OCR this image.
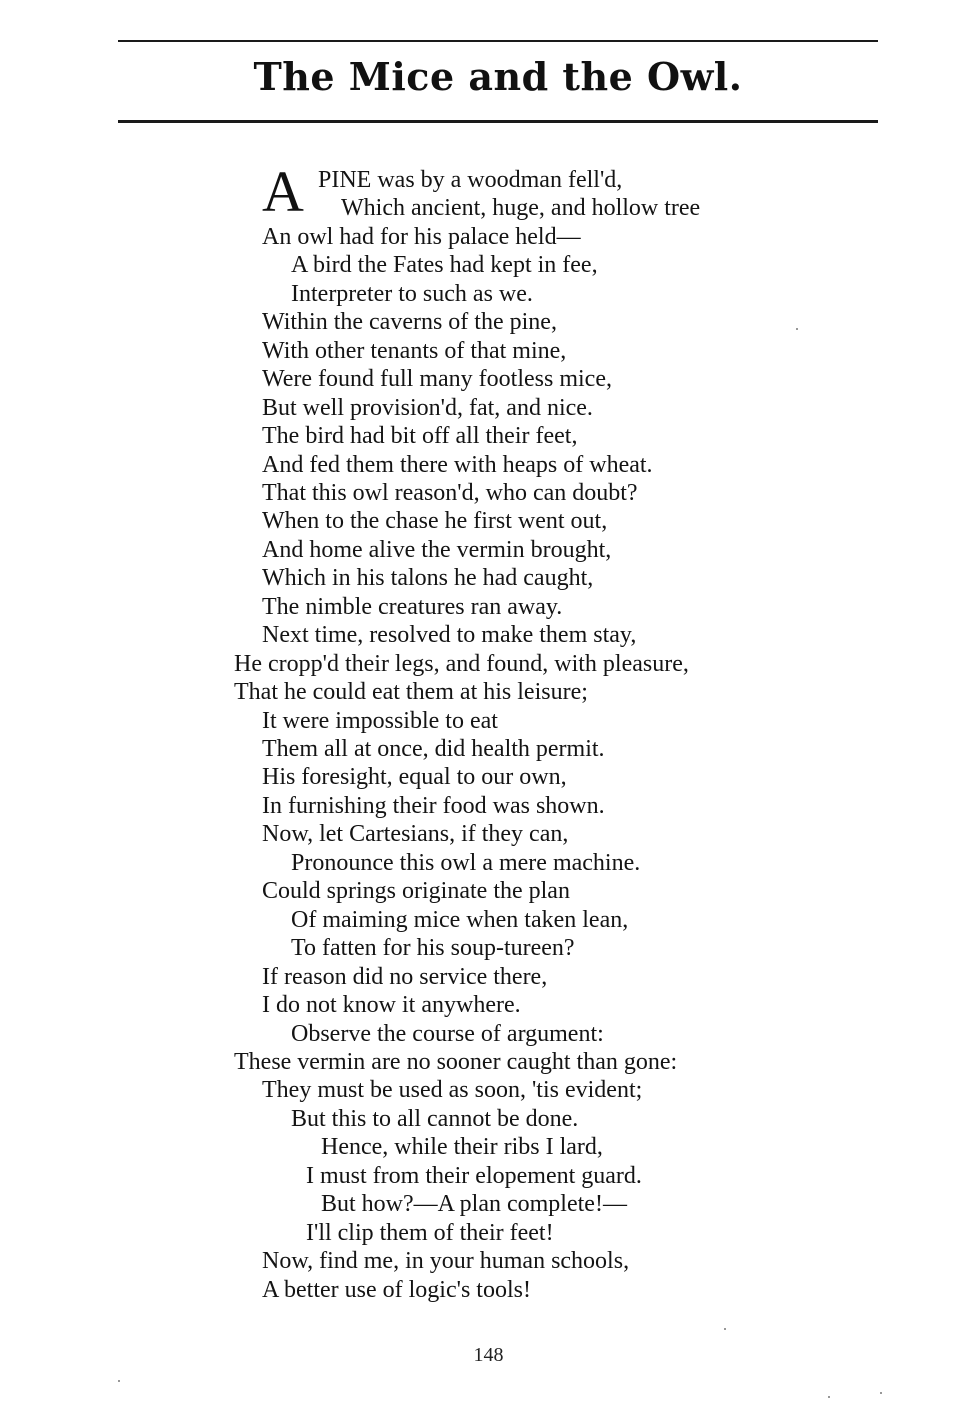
The Mice and the Owl.
A PINE was by a woodman fell'd,
Which ancient, huge, and hollow tree
An owl had for his palace held—
A bird the Fates had kept in fee,
Interpreter to such as we.
Within the caverns of the pine,
With other tenants of that mine,
Were found full many footless mice,
But well provision'd, fat, and nice.
The bird had bit off all their feet,
And fed them there with heaps of wheat.
That this owl reason'd, who can doubt?
When to the chase he first went out,
And home alive the vermin brought,
Which in his talons he had caught,
The nimble creatures ran away.
Next time, resolved to make them stay,
He cropp'd their legs, and found, with pleasure,
That he could eat them at his leisure;
It were impossible to eat
Them all at once, did health permit.
His foresight, equal to our own,
In furnishing their food was shown.
Now, let Cartesians, if they can,
Pronounce this owl a mere machine.
Could springs originate the plan
Of maiming mice when taken lean,
To fatten for his soup-tureen?
If reason did no service there,
I do not know it anywhere.
Observe the course of argument:
These vermin are no sooner caught than gone:
They must be used as soon, 'tis evident;
But this to all cannot be done.
Hence, while their ribs I lard,
I must from their elopement guard.
But how?—A plan complete!—
I'll clip them of their feet!
Now, find me, in your human schools,
A better use of logic's tools!
148
